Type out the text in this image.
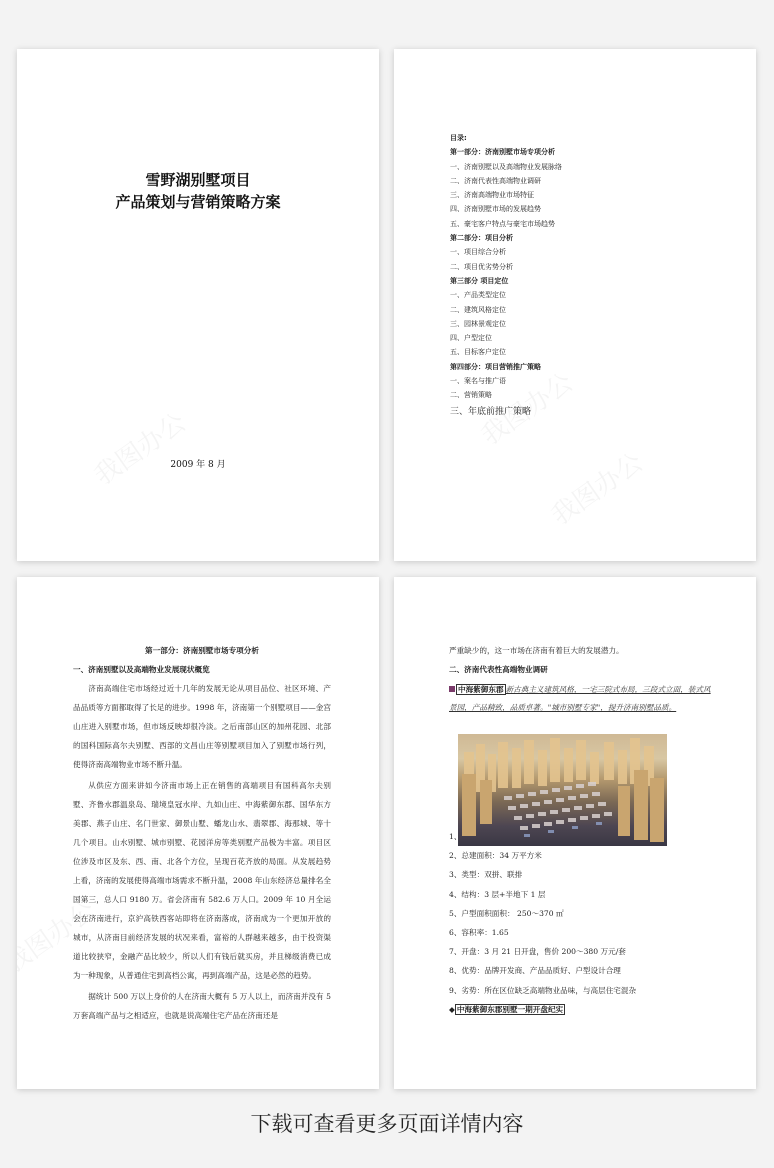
雪野湖别墅项目
产品策划与营销策略方案
2009 年 8 月
目录:
第一部分：济南别墅市场专项分析
一、济南别墅以及高端物业发展脉络
二、济南代表性高端物业调研
三、济南高端物业市场特征
四、济南别墅市场的发展趋势
五、豪宅客户特点与豪宅市场趋势
第二部分：项目分析
一、项目综合分析
二、项目优劣势分析
第三部分 项目定位
一、产品类型定位
二、建筑风格定位
三、园林景观定位
四、户型定位
五、目标客户定位
第四部分：项目营销推广策略
一、案名与推广语
二、营销策略
三、年底前推广策略
第一部分：济南别墅市场专项分析
一、济南别墅以及高端物业发展现状概览

济南高端住宅市场经过近十几年的发展无论从项目品位、社区环境、产品品质等方面都取得了长足的进步。1998 年，济南第一个别墅项目——金宫山庄进入别墅市场，但市场反映却很冷淡。之后南部山区的加州花园、北部的国科国际高尔夫别墅、西部的文昌山庄等别墅项目加入了别墅市场行列，使得济南高端物业市场不断升温。

从供应方面来讲如今济南市场上正在销售的高端项目有国科高尔夫别墅、齐鲁水郡温泉岛、瑞境皇冠水岸、九如山庄、中海紫御东郡、国华东方美郡、燕子山庄、名门世家、御景山墅、蟠龙山水、翡翠郡、海那城、等十几个项目。山水别墅、城市别墅、花园洋房等类别墅产品极为丰富。项目区位涉及市区及东、西、南、北各个方位，呈现百花齐放的局面。从发展趋势上看，济南的发展使得高端市场需求不断升温，2008 年山东经济总量排名全国第三，总人口 9180 万。省会济南有 582.6 万人口。2009 年 10 月全运会在济南进行，京沪高铁西客站即将在济南落成，济南成为一个更加开放的城市，从济南目前经济发展的状况来看，富裕的人群越来越多，由于投资渠道比较狭窄，金融产品比较少，所以人们有钱后就买房，并且梯级消费已成为一种现象，从普通住宅到高档公寓，再到高端产品，这是必然的趋势。

据统计 500 万以上身价的人在济南大概有 5 万人以上，而济南并没有 5 万套高端产品与之相适应，也就是说高端住宅产品在济南还是

严重缺少的，这一市场在济南有着巨大的发展潜力。
二、济南代表性高端物业调研
中海紫御东郡 新古典主义建筑风格，一宅三院式布局，三段式立面，装式风景园，产品精致，品质卓著。"城市别墅专家"，提升济南别墅品质。
1、
2、总建面积：34 万平方米
3、类型：双拼、联排
4、结构：3 层+半地下 1 层
5、户型面积面积： 250～370 ㎡
6、容积率：1.65
7、开盘：3 月 21 日开盘，售价 200～380 万元/套
8、优势：品牌开发商、产品品质好、户型设计合理
9、劣势：所在区位缺乏高端物业品味，与高层住宅混杂
◆ 中海紫御东郡别墅一期开盘纪实
下载可查看更多页面详情内容
